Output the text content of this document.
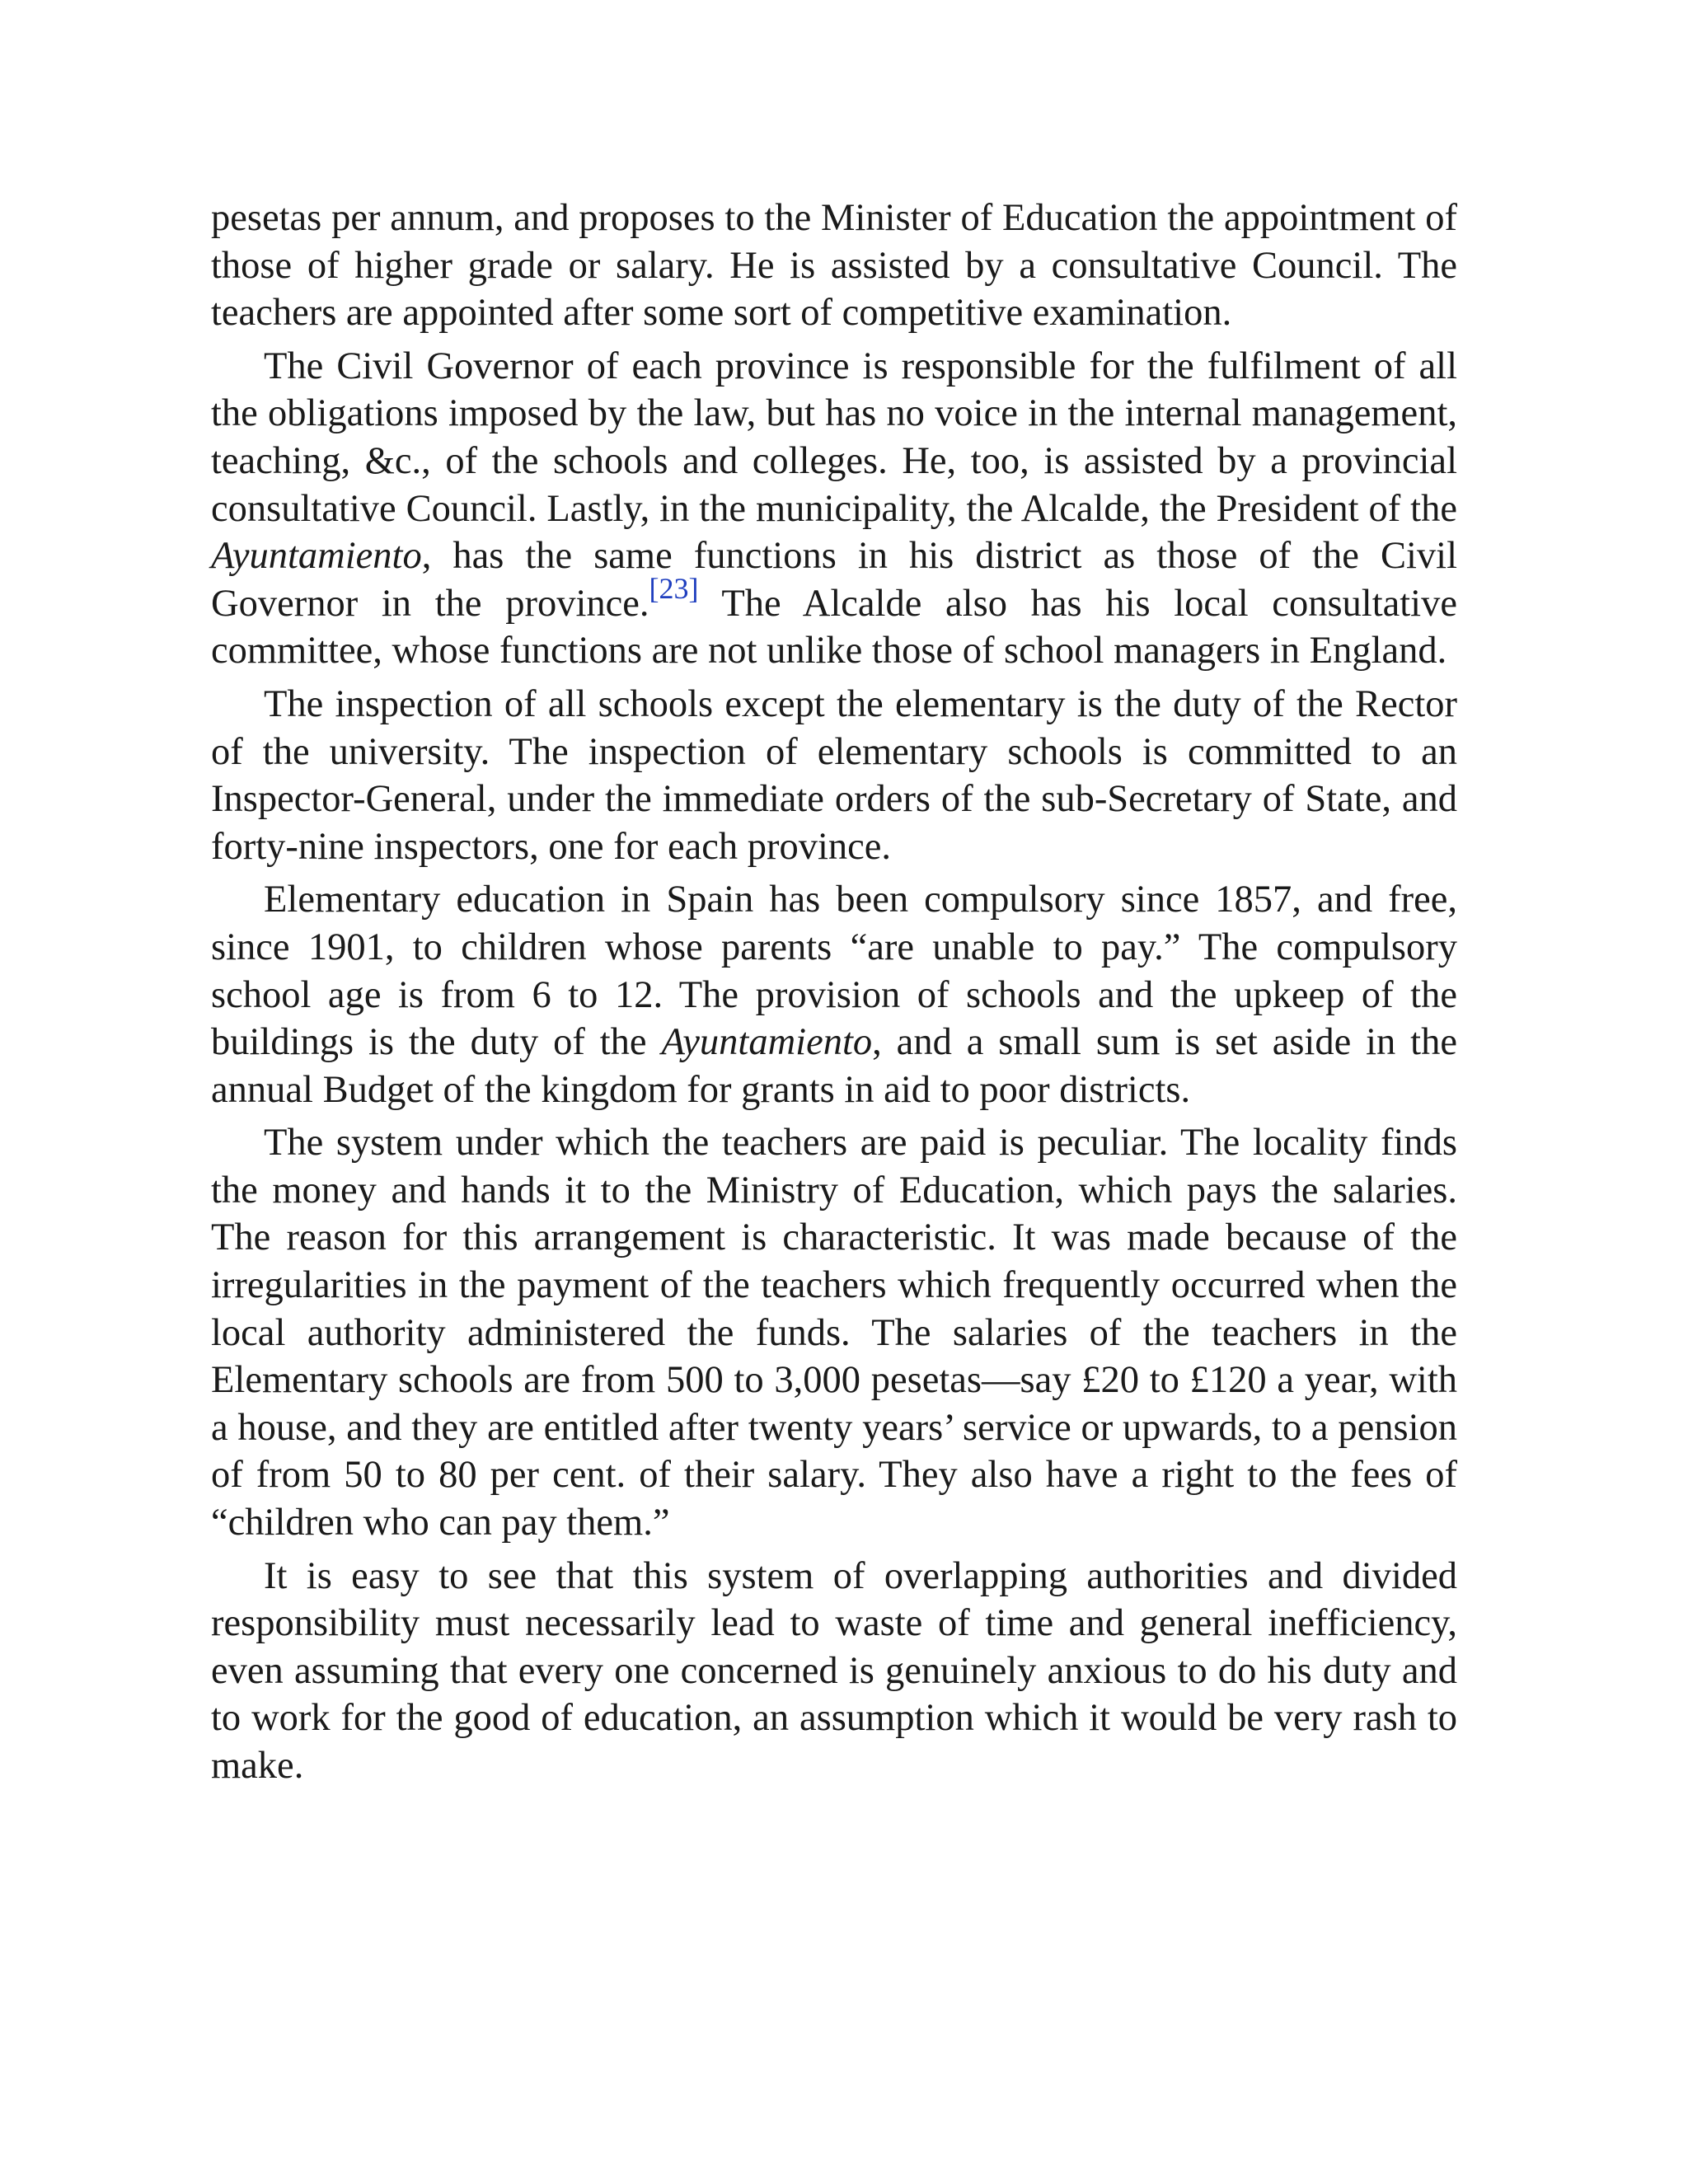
pesetas per annum, and proposes to the Minister of Education the appointment of those of higher grade or salary. He is assisted by a consultative Council. The teachers are appointed after some sort of competitive examination.

The Civil Governor of each province is responsible for the fulfilment of all the obligations imposed by the law, but has no voice in the internal management, teaching, &c., of the schools and colleges. He, too, is assisted by a provincial consultative Council. Lastly, in the municipality, the Alcalde, the President of the Ayuntamiento, has the same functions in his district as those of the Civil Governor in the province.[23] The Alcalde also has his local consultative committee, whose functions are not unlike those of school managers in England.

The inspection of all schools except the elementary is the duty of the Rector of the university. The inspection of elementary schools is committed to an Inspector-General, under the immediate orders of the sub-Secretary of State, and forty-nine inspectors, one for each province.

Elementary education in Spain has been compulsory since 1857, and free, since 1901, to children whose parents “are unable to pay.” The compulsory school age is from 6 to 12. The provision of schools and the upkeep of the buildings is the duty of the Ayuntamiento, and a small sum is set aside in the annual Budget of the kingdom for grants in aid to poor districts.

The system under which the teachers are paid is peculiar. The locality finds the money and hands it to the Ministry of Education, which pays the salaries. The reason for this arrangement is characteristic. It was made because of the irregularities in the payment of the teachers which frequently occurred when the local authority administered the funds. The salaries of the teachers in the Elementary schools are from 500 to 3,000 pesetas—say £20 to £120 a year, with a house, and they are entitled after twenty years’ service or upwards, to a pension of from 50 to 80 per cent. of their salary. They also have a right to the fees of “children who can pay them.”

It is easy to see that this system of overlapping authorities and divided responsibility must necessarily lead to waste of time and general inefficiency, even assuming that every one concerned is genuinely anxious to do his duty and to work for the good of education, an assumption which it would be very rash to make.
